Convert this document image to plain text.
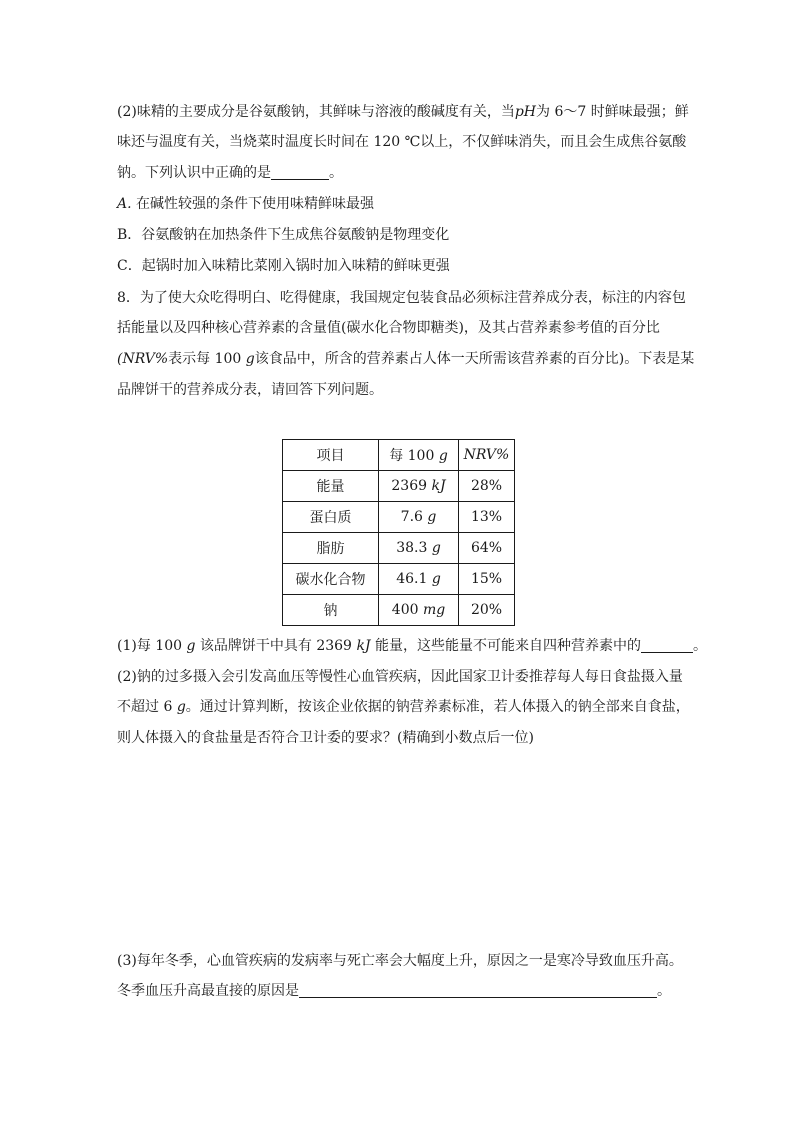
(2)味精的主要成分是谷氨酸钠，其鲜味与溶液的酸碱度有关，当pH为 6～7 时鲜味最强；鲜
味还与温度有关，当烧菜时温度长时间在 120 ℃以上，不仅鲜味消失，而且会生成焦谷氨酸
钠。下列认识中正确的是	。
A. 在碱性较强的条件下使用味精鲜味最强
B．谷氨酸钠在加热条件下生成焦谷氨酸钠是物理变化
C．起锅时加入味精比菜刚入锅时加入味精的鲜味更强
8．为了使大众吃得明白、吃得健康，我国规定包装食品必须标注营养成分表，标注的内容包
括能量以及四种核心营养素的含量值(碳水化合物即糖类)，及其占营养素参考值的百分比
(NRV%表示每 100 g该食品中，所含的营养素占人体一天所需该营养素的百分比)。下表是某
品牌饼干的营养成分表，请回答下列问题。
项目	每 100 g	NRV%
能量	2369 kJ	28%
蛋白质	7.6 g	13%
脂肪	38.3 g	64%
碳水化合物	46.1 g	15%
钠	400 mg	20%
(1)每 100 g 该品牌饼干中具有 2369 kJ 能量，这些能量不可能来自四种营养素中的	。
(2)钠的过多摄入会引发高血压等慢性心血管疾病，因此国家卫计委推荐每人每日食盐摄入量
不超过 6 g。通过计算判断，按该企业依据的钠营养素标准，若人体摄入的钠全部来自食盐，
则人体摄入的食盐量是否符合卫计委的要求？(精确到小数点后一位)
(3)每年冬季，心血管疾病的发病率与死亡率会大幅度上升，原因之一是寒冷导致血压升高。
冬季血压升高最直接的原因是	。
